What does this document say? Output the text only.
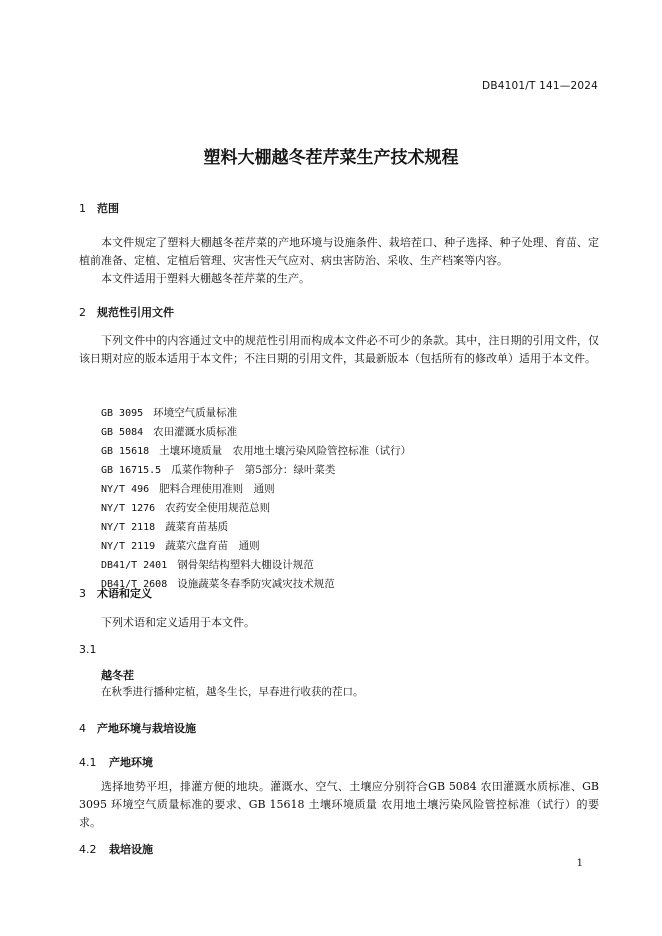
DB4101/T 141—2024
塑料大棚越冬茬芹菜生产技术规程
1 范围

本文件规定了塑料大棚越冬茬芹菜的产地环境与设施条件、栽培茬口、种子选择、种子处理、育苗、定植前准备、定植、定植后管理、灾害性天气应对、病虫害防治、采收、生产档案等内容。

本文件适用于塑料大棚越冬茬芹菜的生产。

2 规范性引用文件

下列文件中的内容通过文中的规范性引用而构成本文件必不可少的条款。其中，注日期的引用文件，仅该日期对应的版本适用于本文件；不注日期的引用文件，其最新版本（包括所有的修改单）适用于本文件。

GB 3095 环境空气质量标准
GB 5084 农田灌溉水质标准
GB 15618 土壤环境质量　农用地土壤污染风险管控标准（试行）
GB 16715.5 瓜菜作物种子　第5部分：绿叶菜类
NY/T 496 肥料合理使用准则　通则
NY/T 1276 农药安全使用规范总则
NY/T 2118 蔬菜育苗基质
NY/T 2119 蔬菜穴盘育苗　通则
DB41/T 2401 钢骨架结构塑料大棚设计规范
DB41/T 2608 设施蔬菜冬春季防灾减灾技术规范
3 术语和定义

下列术语和定义适用于本文件。

3.1
越冬茬

在秋季进行播种定植，越冬生长，早春进行收获的茬口。

4 产地环境与栽培设施
4.1 产地环境

选择地势平坦，排灌方便的地块。灌溉水、空气、土壤应分别符合GB 5084 农田灌溉水质标准、GB 3095 环境空气质量标准的要求、GB 15618 土壤环境质量 农用地土壤污染风险管控标准（试行）的要求。

4.2 栽培设施
1
